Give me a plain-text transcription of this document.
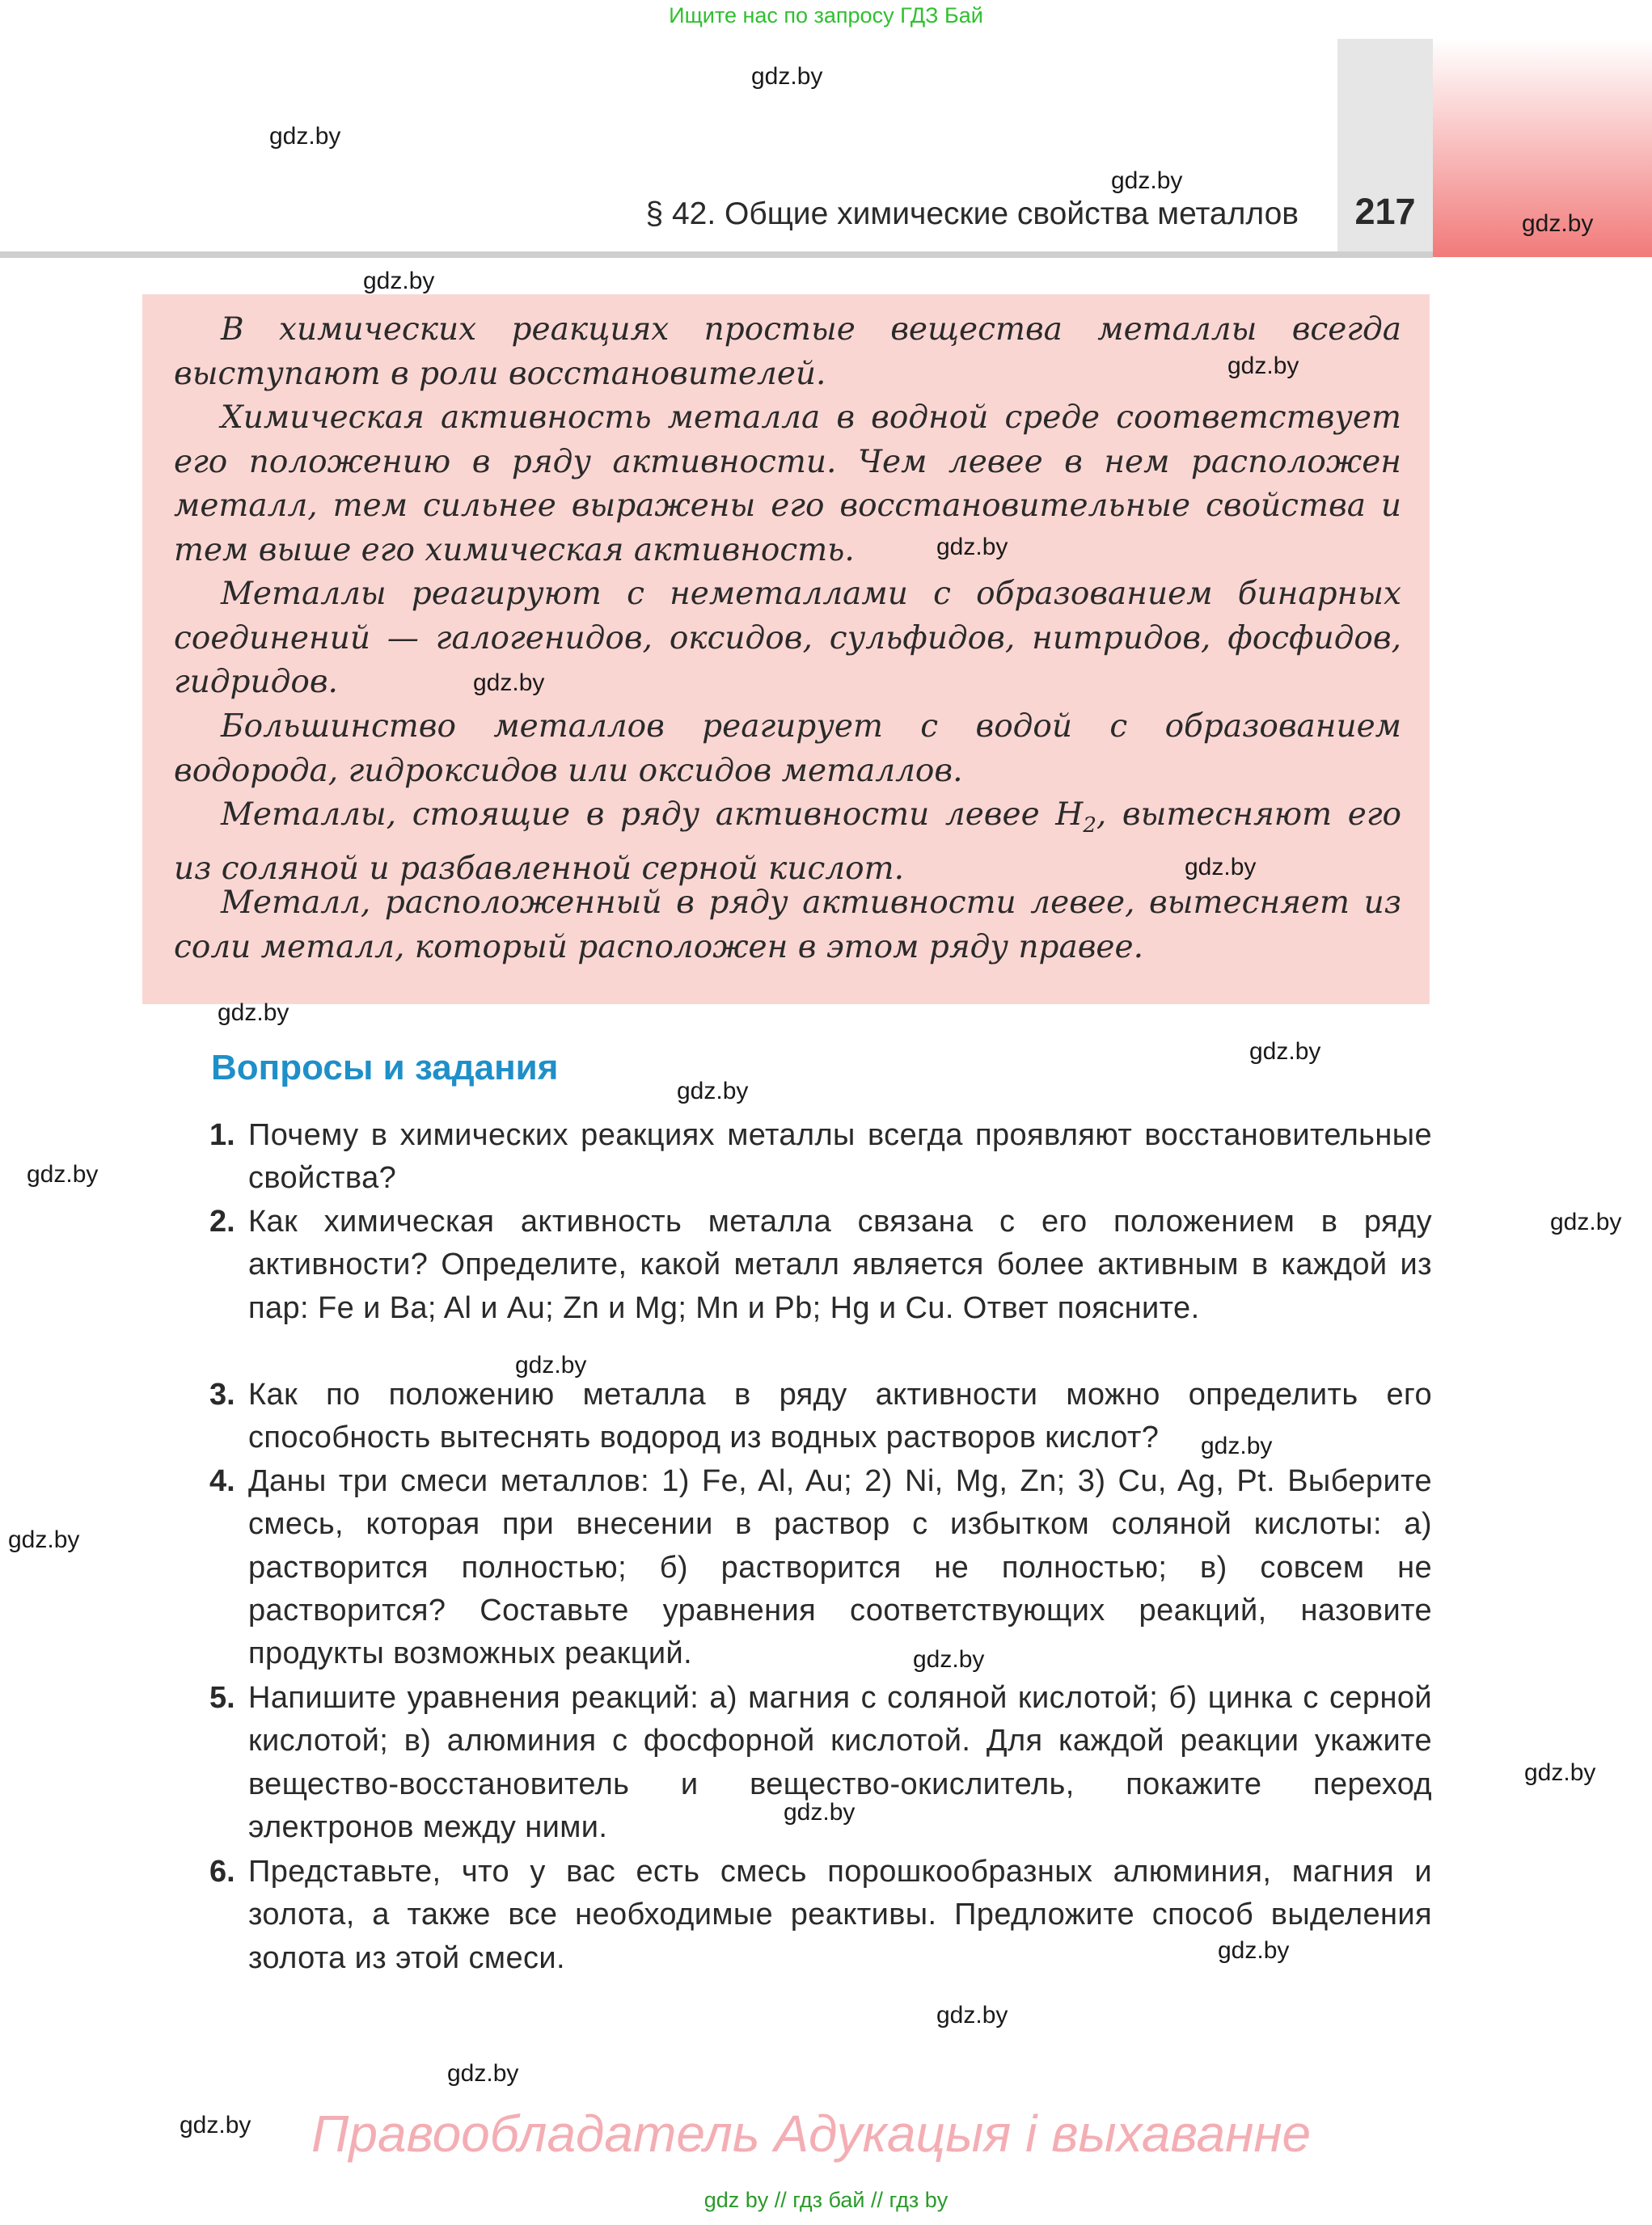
Ищите нас по запросу ГДЗ Бай
217
§ 42. Общие химические свойства металлов

В химических реакциях простые вещества металлы всегда выступают в роли восстановителей.

Химическая активность металла в водной среде соответствует его положению в ряду активности. Чем левее в нем расположен металл, тем сильнее выражены его восстановительные свойства и тем выше его химическая активность.

Металлы реагируют с неметаллами с образованием бинарных соединений — галогенидов, оксидов, сульфидов, нитридов, фосфидов, гидридов.

Большинство металлов реагирует с водой с образованием водорода, гидроксидов или оксидов металлов.

Металлы, стоящие в ряду активности левее $H_2$, вытесняют его из соляной и разбавленной серной кислот.

Металл, расположенный в ряду активности левее, вытесняет из соли металл, который расположен в этом ряду правее.

Вопросы и задания
1. Почему в химических реакциях металлы всегда проявляют восстановительные свойства?

2. Как химическая активность металла связана с его положением в ряду активности? Определите, какой металл является более активным в каждой из пар: Fe и Ba; Al и Au; Zn и Mg; Mn и Pb; Hg и Cu. Ответ поясните.

3. Как по положению металла в ряду активности можно определить его способность вытеснять водород из водных растворов кислот?

4. Даны три смеси металлов: 1) Fe, Al, Au; 2) Ni, Mg, Zn; 3) Cu, Ag, Pt. Выберите смесь, которая при внесении в раствор с избытком соляной кислоты: а) растворится полностью; б) растворится не полностью; в) совсем не растворится? Составьте уравнения соответствующих реакций, назовите продукты возможных реакций.

5. Напишите уравнения реакций: а) магния с соляной кислотой; б) цинка с серной кислотой; в) алюминия с фосфорной кислотой. Для каждой реакции укажите вещество-восстановитель и вещество-окислитель, покажите переход электронов между ними.

6. Представьте, что у вас есть смесь порошкообразных алюминия, магния и золота, а также все необходимые реактивы. Предложите способ выделения золота из этой смеси.

gdz.by
gdz.by
gdz.by
gdz.by
gdz.by
gdz.by
gdz.by
gdz.by
gdz.by
gdz.by
gdz.by
gdz.by
gdz.by
gdz.by
gdz.by
gdz.by
gdz.by
gdz.by
gdz.by
gdz.by
gdz.by
gdz.by
gdz.by
gdz.by Правообладатель Адукацыя і выхаванне
gdz by // гдз бай // гдз by
